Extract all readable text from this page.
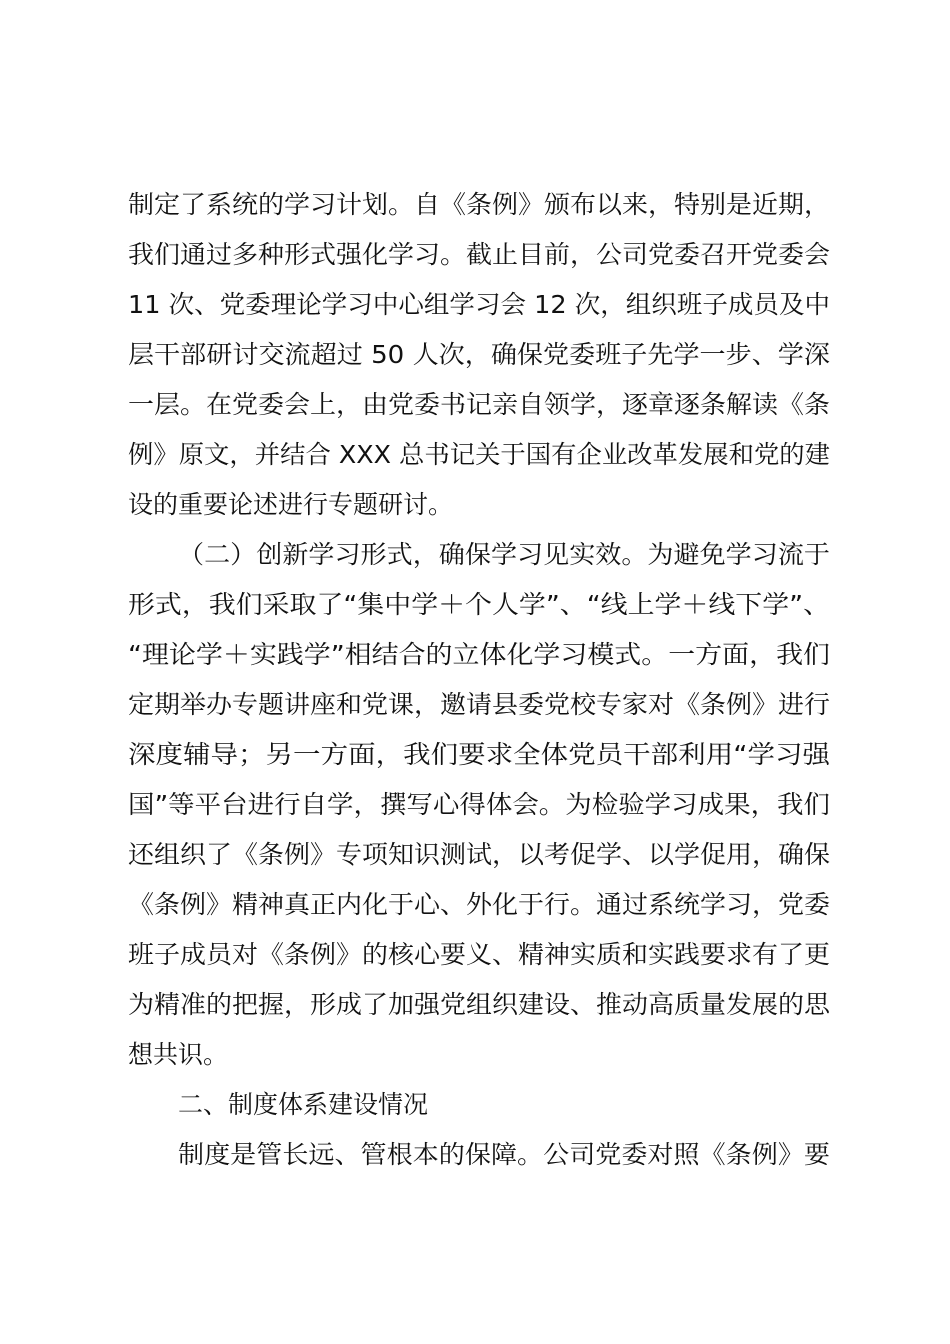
制定了系统的学习计划。自《条例》颁布以来，特别是近期，
我们通过多种形式强化学习。截止目前，公司党委召开党委会
11 次、党委理论学习中心组学习会 12 次，组织班子成员及中
层干部研讨交流超过 50 人次，确保党委班子先学一步、学深
一层。在党委会上，由党委书记亲自领学，逐章逐条解读《条
例》原文，并结合 XXX 总书记关于国有企业改革发展和党的建
设的重要论述进行专题研讨。
（二）创新学习形式，确保学习见实效。为避免学习流于
形式，我们采取了“集中学＋个人学”、“线上学＋线下学”、
“理论学＋实践学”相结合的立体化学习模式。一方面，我们
定期举办专题讲座和党课，邀请县委党校专家对《条例》进行
深度辅导；另一方面，我们要求全体党员干部利用“学习强
国”等平台进行自学，撰写心得体会。为检验学习成果，我们
还组织了《条例》专项知识测试，以考促学、以学促用，确保
《条例》精神真正内化于心、外化于行。通过系统学习，党委
班子成员对《条例》的核心要义、精神实质和实践要求有了更
为精准的把握，形成了加强党组织建设、推动高质量发展的思
想共识。
二、制度体系建设情况
制度是管长远、管根本的保障。公司党委对照《条例》要
